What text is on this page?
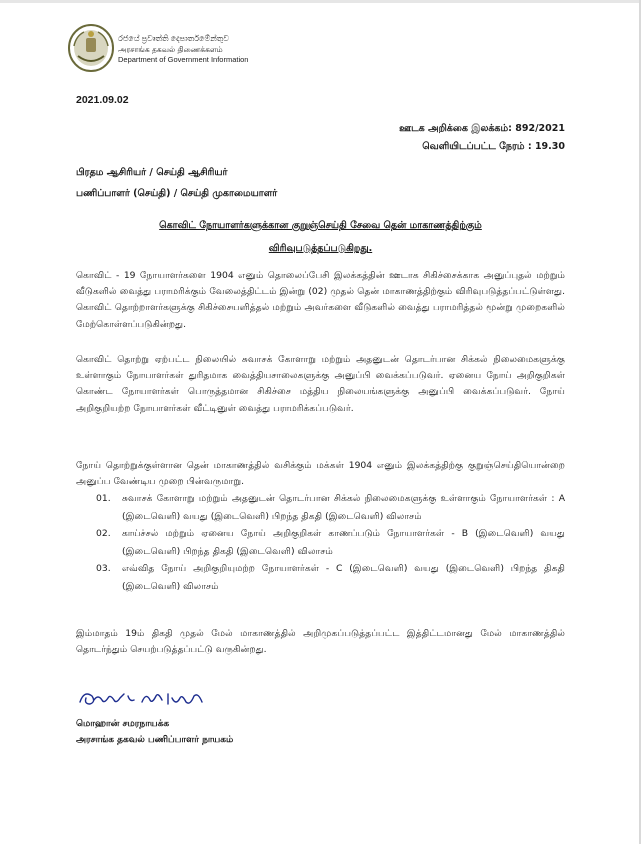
රජයේ ප්‍රවෘත්ති දෙපාර්තමේන්තුව
அரசாங்க தகவல் திணைக்களம்
Department of Government Information
2021.09.02
ஊடக அறிக்கை இலக்கம்: 892/2021
வெளியிடப்பட்ட நேரம் : 19.30
பிரதம ஆசிரியர் / செய்தி ஆசிரியர்
பணிப்பாளர் (செய்தி) / செய்தி முகாமையாளர்
கொவிட் நோயாளர்களுக்கான குறுஞ்செய்தி சேவை தென் மாகாணத்திற்கும்
விரிவுபடுத்தப்படுகிறது.
கொவிட் - 19 நோயாளர்களை 1904 எனும் தொலைப்பேசி இலக்கத்தின் ஊடாக சிகிச்சைக்காக அனுப்புதல் மற்றும் வீடுகளில் வைத்து பராமரிக்கும் வேலைத்திட்டம் இன்று (02) முதல் தென் மாகாணத்திற்கும் விரிவுபடுத்தப்பட்டுள்ளது. கொவிட் தொற்றாளர்களுக்கு சிகிச்சையளித்தல் மற்றும் அவர்களை வீடுகளில் வைத்து பராமரித்தல் மூன்று முறைகளில் மேற்கொள்ளப்படுகின்றது.
கொவிட் தொற்று ஏற்பட்ட நிலையில் சுவாசக் கோளாறு மற்றும் அதனுடன் தொடர்பான சிக்கல் நிலைமைகளுக்கு உள்ளாகும் நோயாளர்கள் துரிதமாக வைத்தியசாலைகளுக்கு அனுப்பி வைக்கப்படுவர். ஏனைய நோய் அறிகுறிகள் கொண்ட நோயாளர்கள் பொருத்தமான சிகிச்சை மத்திய நிலையங்களுக்கு அனுப்பி வைக்கப்படுவர். நோய் அறிகுறியற்ற நோயாளர்கள் வீட்டினுள் வைத்து பராமரிக்கப்படுவர்.
நோய் தொற்றுக்குள்ளான தென் மாகாணத்தில் வசிக்கும் மக்கள் 1904 எனும் இலக்கத்திற்கு குறுஞ்செய்தியொன்றை அனுப்ப வேண்டிய முறை பின்வருமாறு.
01.	சுவாசக் கோளாறு மற்றும் அதனுடன் தொடர்பான சிக்கல் நிலைமைகளுக்கு உள்ளாகும் நோயாளர்கள் : A (இடைவெளி) வயது (இடைவெளி) பிறந்த திகதி (இடைவெளி) விலாசம்
02.	காய்ச்சல் மற்றும் ஏனைய நோய் அறிகுறிகள் காணப்படும் நோயாளர்கள் - B (இடைவெளி) வயது (இடைவெளி) பிறந்த திகதி (இடைவெளி) விலாசம்
03.	எவ்வித நோய் அறிகுறியுமற்ற நோயாளர்கள் - C (இடைவெளி) வயது (இடைவெளி) பிறந்த திகதி (இடைவெளி) விலாசம்
இம்மாதம் 19ம் திகதி முதல் மேல் மாகாணத்தில் அறிமுகப்படுத்தப்பட்ட இத்திட்டமானது மேல் மாகாணத்தில் தொடர்ந்தும் செயற்படுத்தப்பட்டு வருகின்றது.
மொஹான் சமரநாயக்க
அரசாங்க தகவல் பணிப்பாளர் நாயகம்
